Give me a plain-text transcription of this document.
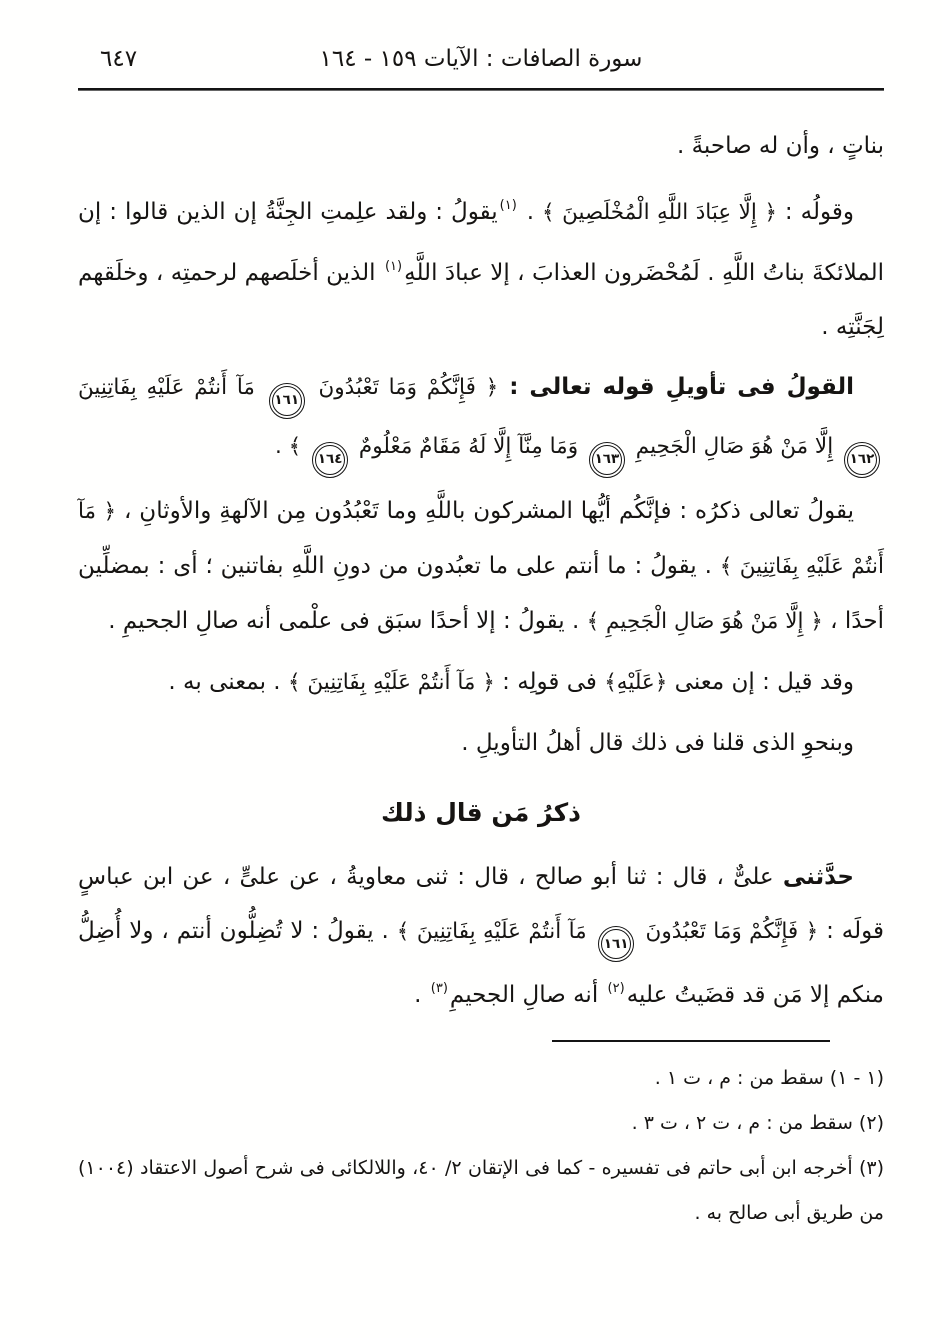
٦٤٧	سورة الصافات : الآيات ١٥٩ - ١٦٤

بناتٍ ، وأن له صاحبةً .

وقولُه : ﴿ إِلَّا عِبَادَ اللَّهِ الْمُخْلَصِينَ ﴾ . $^{(١)}$يقولُ : ولقد علِمتِ الجِنَّةُ إن الذين قالوا : إن الملائكةَ بناتُ اللَّهِ . لَمُحْضَرون العذابَ ، إلا عبادَ اللَّهِ$^{(١)}$ الذين أخلَصهم لرحمتِه ، وخلَقهم لِجَنَّتِه .

القولُ فى تأويلِ قوله تعالى : ﴿ فَإِنَّكُمْ وَمَا تَعْبُدُونَ ١٦١ مَآ أَنتُمْ عَلَيْهِ بِفَاتِنِينَ ١٦٢ إِلَّا مَنْ هُوَ صَالِ الْجَحِيمِ ١٦٣ وَمَا مِنَّآ إِلَّا لَهُ مَقَامٌ مَعْلُومٌ ١٦٤ ﴾ .

يقولُ تعالى ذكرُه : فإنَّكُم أيُّها المشركون باللَّهِ وما تَعْبُدُون مِن الآلهةِ والأوثانِ ، ﴿ مَآ أَنتُمْ عَلَيْهِ بِفَاتِنِينَ ﴾ . يقولُ : ما أنتم على ما تعبُدون من دونِ اللَّهِ بفاتنين ؛ أى : بمضلِّين أحدًا ، ﴿ إِلَّا مَنْ هُوَ صَالِ الْجَحِيمِ ﴾ . يقولُ : إلا أحدًا سبَق فى علْمى أنه صالِ الجحيمِ .

وقد قيل : إن معنى ﴿عَلَيْهِ﴾ فى قولِه : ﴿ مَآ أَنتُمْ عَلَيْهِ بِفَاتِنِينَ ﴾ . بمعنى به .

وبنحوِ الذى قلنا فى ذلك قال أهلُ التأويلِ .

ذكرُ مَن قال ذلك

حدَّثنى علىٌّ ، قال : ثنا أبو صالح ، قال : ثنى معاويةُ ، عن علىٍّ ، عن ابن عباسٍ قولَه : ﴿ فَإِنَّكُمْ وَمَا تَعْبُدُونَ ١٦١ مَآ أَنتُمْ عَلَيْهِ بِفَاتِنِينَ ﴾ . يقولُ : لا تُضِلُّون أنتم ، ولا أُضِلُّ منكم إلا مَن قد قضَيتُ عليه$^{(٢)}$ أنه صالِ الجحيمِ$^{(٣)}$ .

(١ - ١) سقط من : م ، ت ١ .

(٢) سقط من : م ، ت ٢ ، ت ٣ .

(٣) أخرجه ابن أبى حاتم فى تفسيره - كما فى الإتقان ٢/ ٤٠، واللالكائى فى شرح أصول الاعتقاد (١٠٠٤) من طريق أبى صالح به .
